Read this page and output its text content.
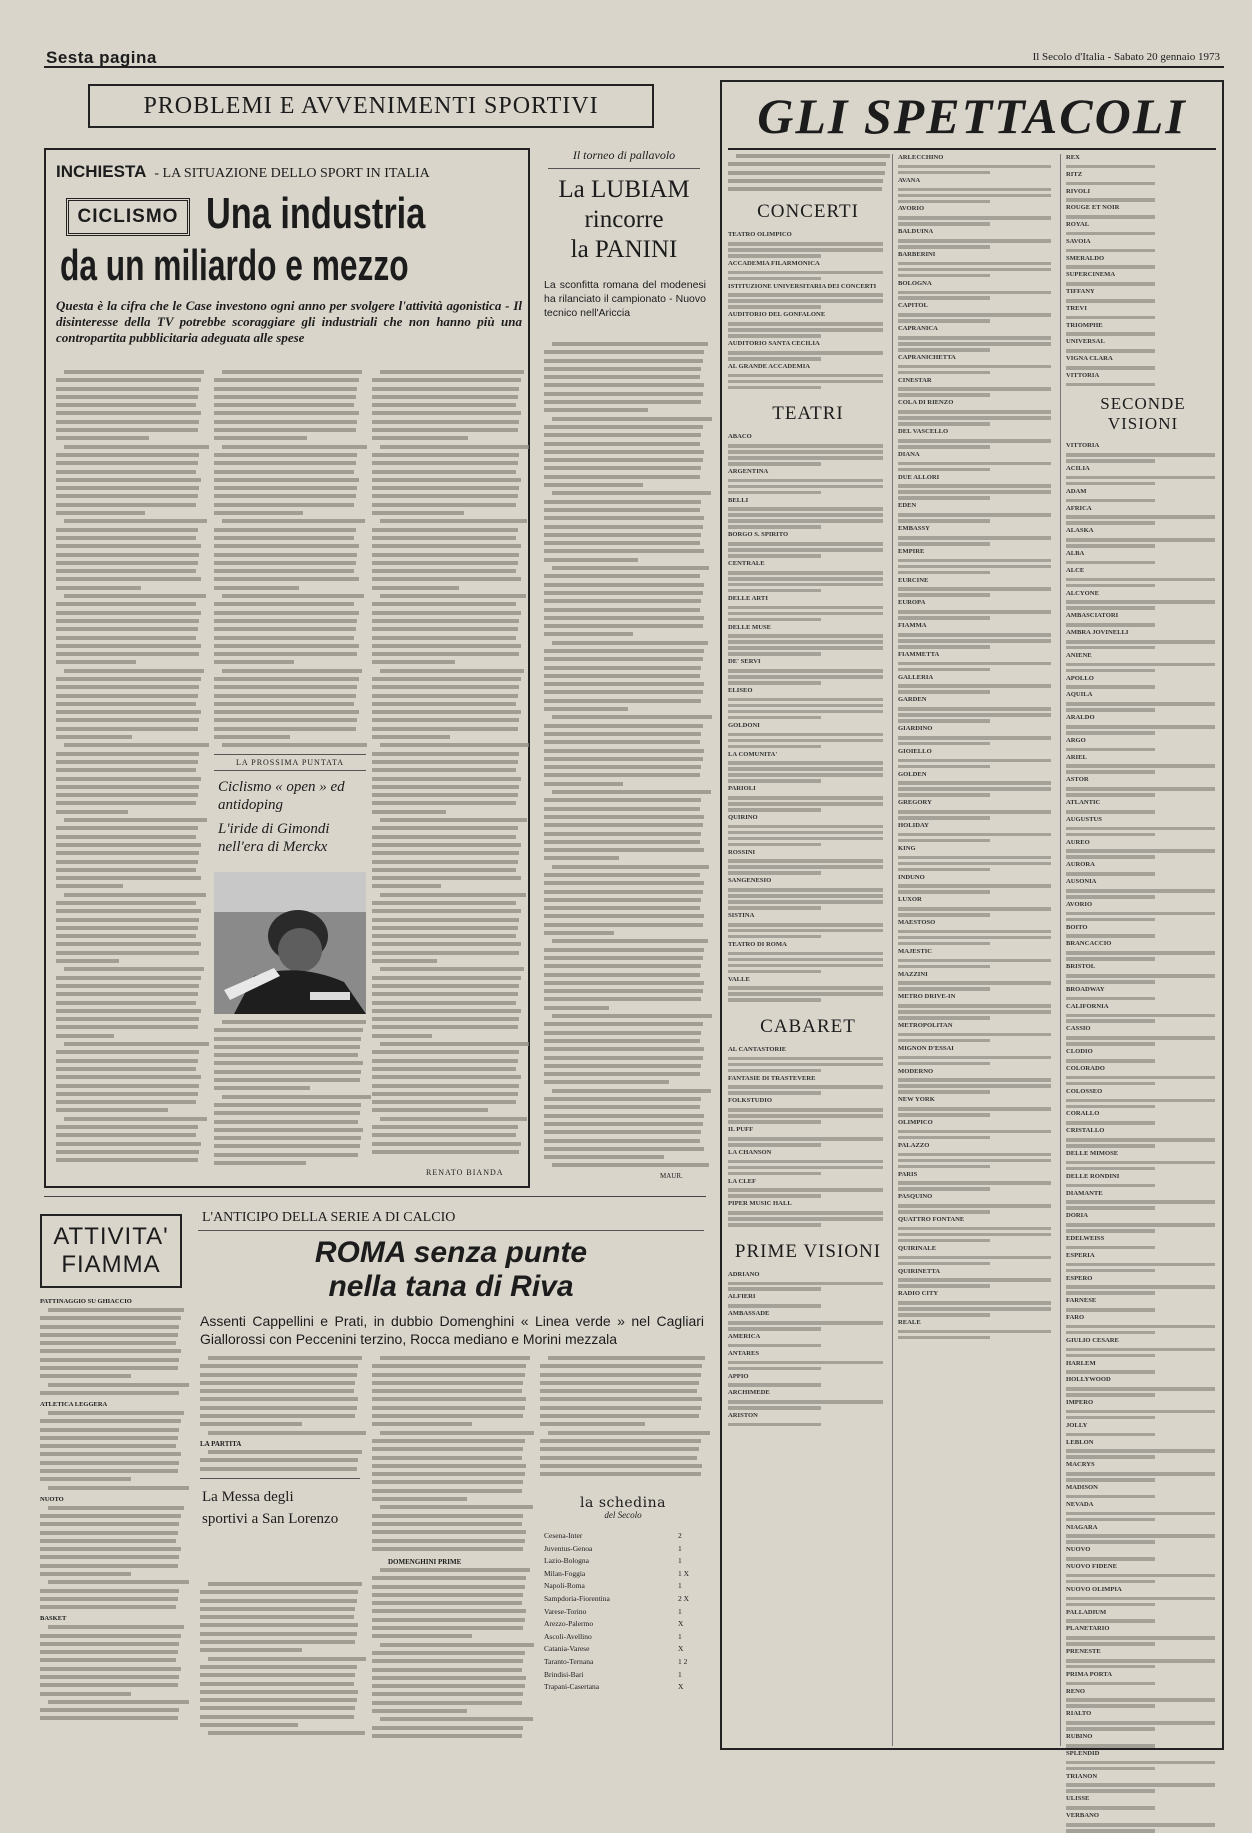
Sesta pagina	Il Secolo d'Italia - Sabato 20 gennaio 1973
PROBLEMI E AVVENIMENTI SPORTIVI
INCHIESTA - LA SITUAZIONE DELLO SPORT IN ITALIA
CICLISMO Una industria
da un miliardo e mezzo
Questa è la cifra che le Case investono ogni anno per svolgere l'attività agonistica - Il disinteresse della TV potrebbe scoraggiare gli industriali che non hanno più una contropartita pubblicitaria adeguata alle spese
RENATO BIANDA
LA PROSSIMA PUNTATA
Ciclismo « open » ed antidoping
L'iride di Gimondi nell'era di Merckx
Il torneo di pallavolo
La LUBIAM
rincorre
la PANINI
La sconfitta romana del modenesi ha rilanciato il campionato - Nuovo tecnico nell'Ariccia
MAUR.
ATTIVITA'
FIAMMA
PATTINAGGIO SU GHIACCIO
ATLETICA LEGGERA
NUOTO
BASKET
L'ANTICIPO DELLA SERIE A DI CALCIO
ROMA senza punte
nella tana di Riva
Assenti Cappellini e Prati, in dubbio Domenghini « Linea verde » nel Cagliari Giallorossi con Peccenini terzino, Rocca mediano e Morini mezzala
LA PARTITA
La Messa degli sportivi a San Lorenzo
DOMENGHINI PRIME
la schedina
del Secolo
Cesena-Inter	2
Juventus-Genoa	1
Lazio-Bologna	1
Milan-Foggia	1 X
Napoli-Roma	1
Sampdoria-Fiorentina	2 X
Varese-Torino	1
Arezzo-Palermo	X
Ascoli-Avellino	1
Catania-Varese	X
Taranto-Ternana	1 2
Brindisi-Bari	1
Trapani-Casertana	X
GLI SPETTACOLI
CONCERTI
TEATRO OLIMPICO
ACCADEMIA FILARMONICA
ISTITUZIONE UNIVERSITARIA DEI CONCERTI
AUDITORIO DEL GONFALONE
AUDITORIO SANTA CECILIA
AL GRANDE ACCADEMIA
TEATRI
ABACO
ARGENTINA
BELLI
BORGO S. SPIRITO
CENTRALE
DELLE ARTI
DELLE MUSE
DE' SERVI
ELISEO
GOLDONI
LA COMUNITA'
PARIOLI
QUIRINO
ROSSINI
SANGENESIO
SISTINA
TEATRO DI ROMA
VALLE
CABARET
AL CANTASTORIE
FANTASIE DI TRASTEVERE
FOLKSTUDIO
IL PUFF
LA CHANSON
LA CLEF
PIPER MUSIC HALL
PRIME VISIONI
ADRIANO
ALFIERI
AMBASSADE
AMERICA
ANTARES
APPIO
ARCHIMEDE
ARISTON
ARLECCHINO
AVANA
AVORIO
BALDUINA
BARBERINI
BOLOGNA
CAPITOL
CAPRANICA
CAPRANICHETTA
CINESTAR
COLA DI RIENZO
DEL VASCELLO
DIANA
DUE ALLORI
EDEN
EMBASSY
EMPIRE
EURCINE
EUROPA
FIAMMA
FIAMMETTA
GALLERIA
GARDEN
GIARDINO
GIOIELLO
GOLDEN
GREGORY
HOLIDAY
KING
INDUNO
LUXOR
MAESTOSO
MAJESTIC
MAZZINI
METRO DRIVE-IN
METROPOLITAN
MIGNON D'ESSAI
MODERNO
NEW YORK
OLIMPICO
PALAZZO
PARIS
PASQUINO
QUATTRO FONTANE
QUIRINALE
QUIRINETTA
RADIO CITY
REALE
REX
RITZ
RIVOLI
ROUGE ET NOIR
ROYAL
SAVOIA
SMERALDO
SUPERCINEMA
TIFFANY
TREVI
TRIOMPHE
UNIVERSAL
VIGNA CLARA
VITTORIA
SECONDE VISIONI
VITTORIA
ACILIA
ADAM
AFRICA
ALASKA
ALBA
ALCE
ALCYONE
AMBASCIATORI
AMBRA JOVINELLI
ANIENE
APOLLO
AQUILA
ARALDO
ARGO
ARIEL
ASTOR
ATLANTIC
AUGUSTUS
AUREO
AURORA
AUSONIA
AVORIO
BOITO
BRANCACCIO
BRISTOL
BROADWAY
CALIFORNIA
CASSIO
CLODIO
COLORADO
COLOSSEO
CORALLO
CRISTALLO
DELLE MIMOSE
DELLE RONDINI
DIAMANTE
DORIA
EDELWEISS
ESPERIA
ESPERO
FARNESE
FARO
GIULIO CESARE
HARLEM
HOLLYWOOD
IMPERO
JOLLY
LEBLON
MACRYS
MADISON
NEVADA
NIAGARA
NUOVO
NUOVO FIDENE
NUOVO OLIMPIA
PALLADIUM
PLANETARIO
PRENESTE
PRIMA PORTA
RENO
RIALTO
RUBINO
SPLENDID
TRIANON
ULISSE
VERBANO
